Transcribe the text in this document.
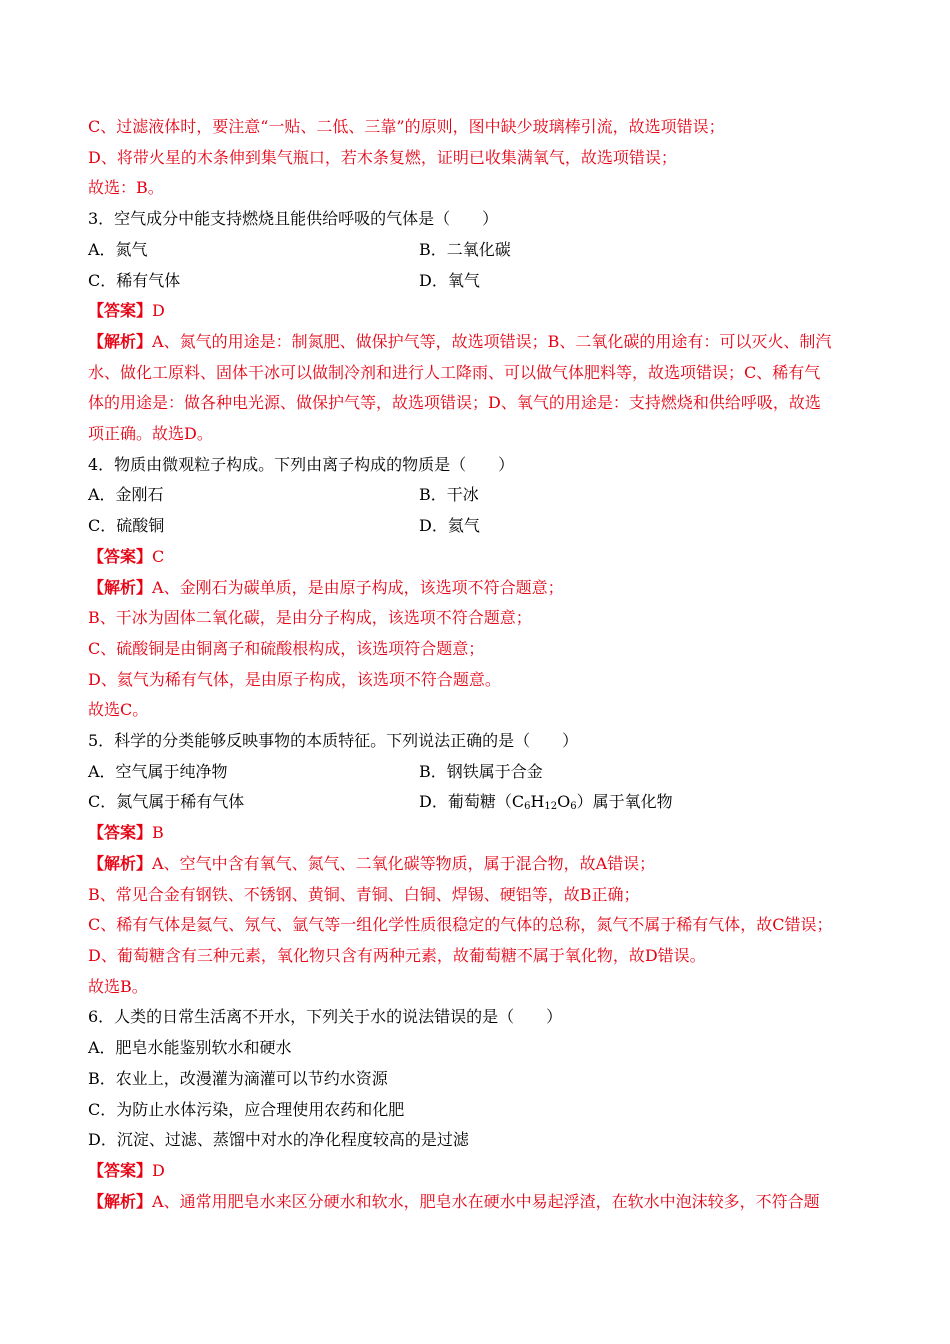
C、过滤液体时，要注意“一贴、二低、三靠”的原则，图中缺少玻璃棒引流，故选项错误；
D、将带火星的木条伸到集气瓶口，若木条复燃，证明已收集满氧气，故选项错误；
故选：B。
3．空气成分中能支持燃烧且能供给呼吸的气体是（　　）
A．氮气	B．二氧化碳
C．稀有气体	D．氧气
【答案】D
【解析】A、氮气的用途是：制氮肥、做保护气等，故选项错误；B、二氧化碳的用途有：可以灭火、制汽
水、做化工原料、固体干冰可以做制冷剂和进行人工降雨、可以做气体肥料等，故选项错误；C、稀有气
体的用途是：做各种电光源、做保护气等，故选项错误；D、氧气的用途是：支持燃烧和供给呼吸，故选
项正确。故选D。
4．物质由微观粒子构成。下列由离子构成的物质是（　　）
A．金刚石	B．干冰
C．硫酸铜	D．氦气
【答案】C
【解析】A、金刚石为碳单质，是由原子构成，该选项不符合题意；
B、干冰为固体二氧化碳，是由分子构成，该选项不符合题意；
C、硫酸铜是由铜离子和硫酸根构成，该选项符合题意；
D、氦气为稀有气体，是由原子构成，该选项不符合题意。
故选C。
5．科学的分类能够反映事物的本质特征。下列说法正确的是（　　）
A．空气属于纯净物	B．钢铁属于合金
C．氮气属于稀有气体	D．葡萄糖$(C_6H_{12}O_6)$属于氧化物
【答案】B
【解析】A、空气中含有氧气、氮气、二氧化碳等物质，属于混合物，故A错误；
B、常见合金有钢铁、不锈钢、黄铜、青铜、白铜、焊锡、硬铝等，故B正确；
C、稀有气体是氦气、氖气、氩气等一组化学性质很稳定的气体的总称，氮气不属于稀有气体，故C错误；
D、葡萄糖含有三种元素，氧化物只含有两种元素，故葡萄糖不属于氧化物，故D错误。
故选B。
6．人类的日常生活离不开水，下列关于水的说法错误的是（　　）
A．肥皂水能鉴别软水和硬水
B．农业上，改漫灌为滴灌可以节约水资源
C．为防止水体污染，应合理使用农药和化肥
D．沉淀、过滤、蒸馏中对水的净化程度较高的是过滤
【答案】D
【解析】A、通常用肥皂水来区分硬水和软水，肥皂水在硬水中易起浮渣，在软水中泡沫较多，不符合题
